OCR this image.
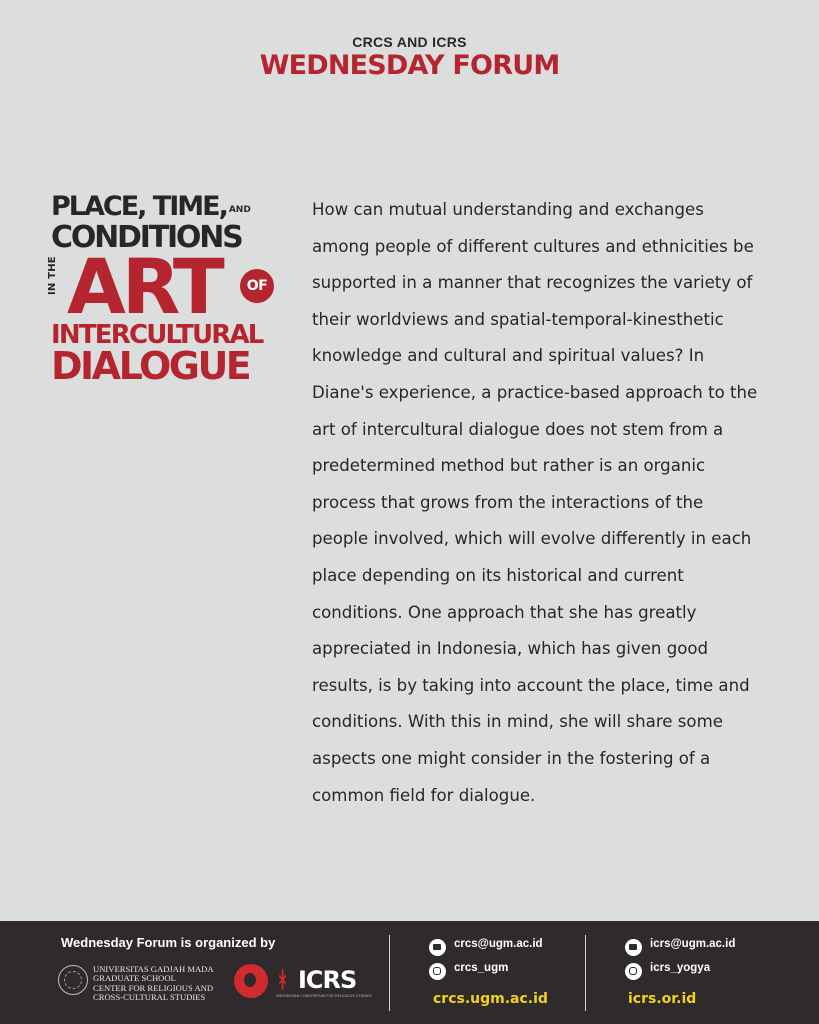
CRCS AND ICRS
WEDNESDAY FORUM
PLACE, TIME, AND
CONDITIONS
IN THE ART	OF
INTERCULTURAL
DIALOGUE
How can mutual understanding and exchanges among people of different cultures and ethnicities be supported in a manner that recognizes the variety of their worldviews and spatial-temporal-kinesthetic knowledge and cultural and spiritual values? In Diane's experience, a practice-based approach to the art of intercultural dialogue does not stem from a predetermined method but rather is an organic process that grows from the interactions of the people involved, which will evolve differently in each place depending on its historical and current conditions. One approach that she has greatly appreciated in Indonesia, which has given good results, is by taking into account the place, time and conditions. With this in mind, she will share some aspects one might consider in the fostering of a common field for dialogue.
Wednesday Forum is organized by
UNIVERSITAS GADJAH MADA
GRADUATE SCHOOL
CENTER FOR RELIGIOUS AND
CROSS-CULTURAL STUDIES
ᚼ ICRS
INDONESIAN CONSORTIUM FOR RELIGIOUS STUDIES
crcs@ugm.ac.id
crcs_ugm
crcs.ugm.ac.id
icrs@ugm.ac.id
icrs_yogya
icrs.or.id
